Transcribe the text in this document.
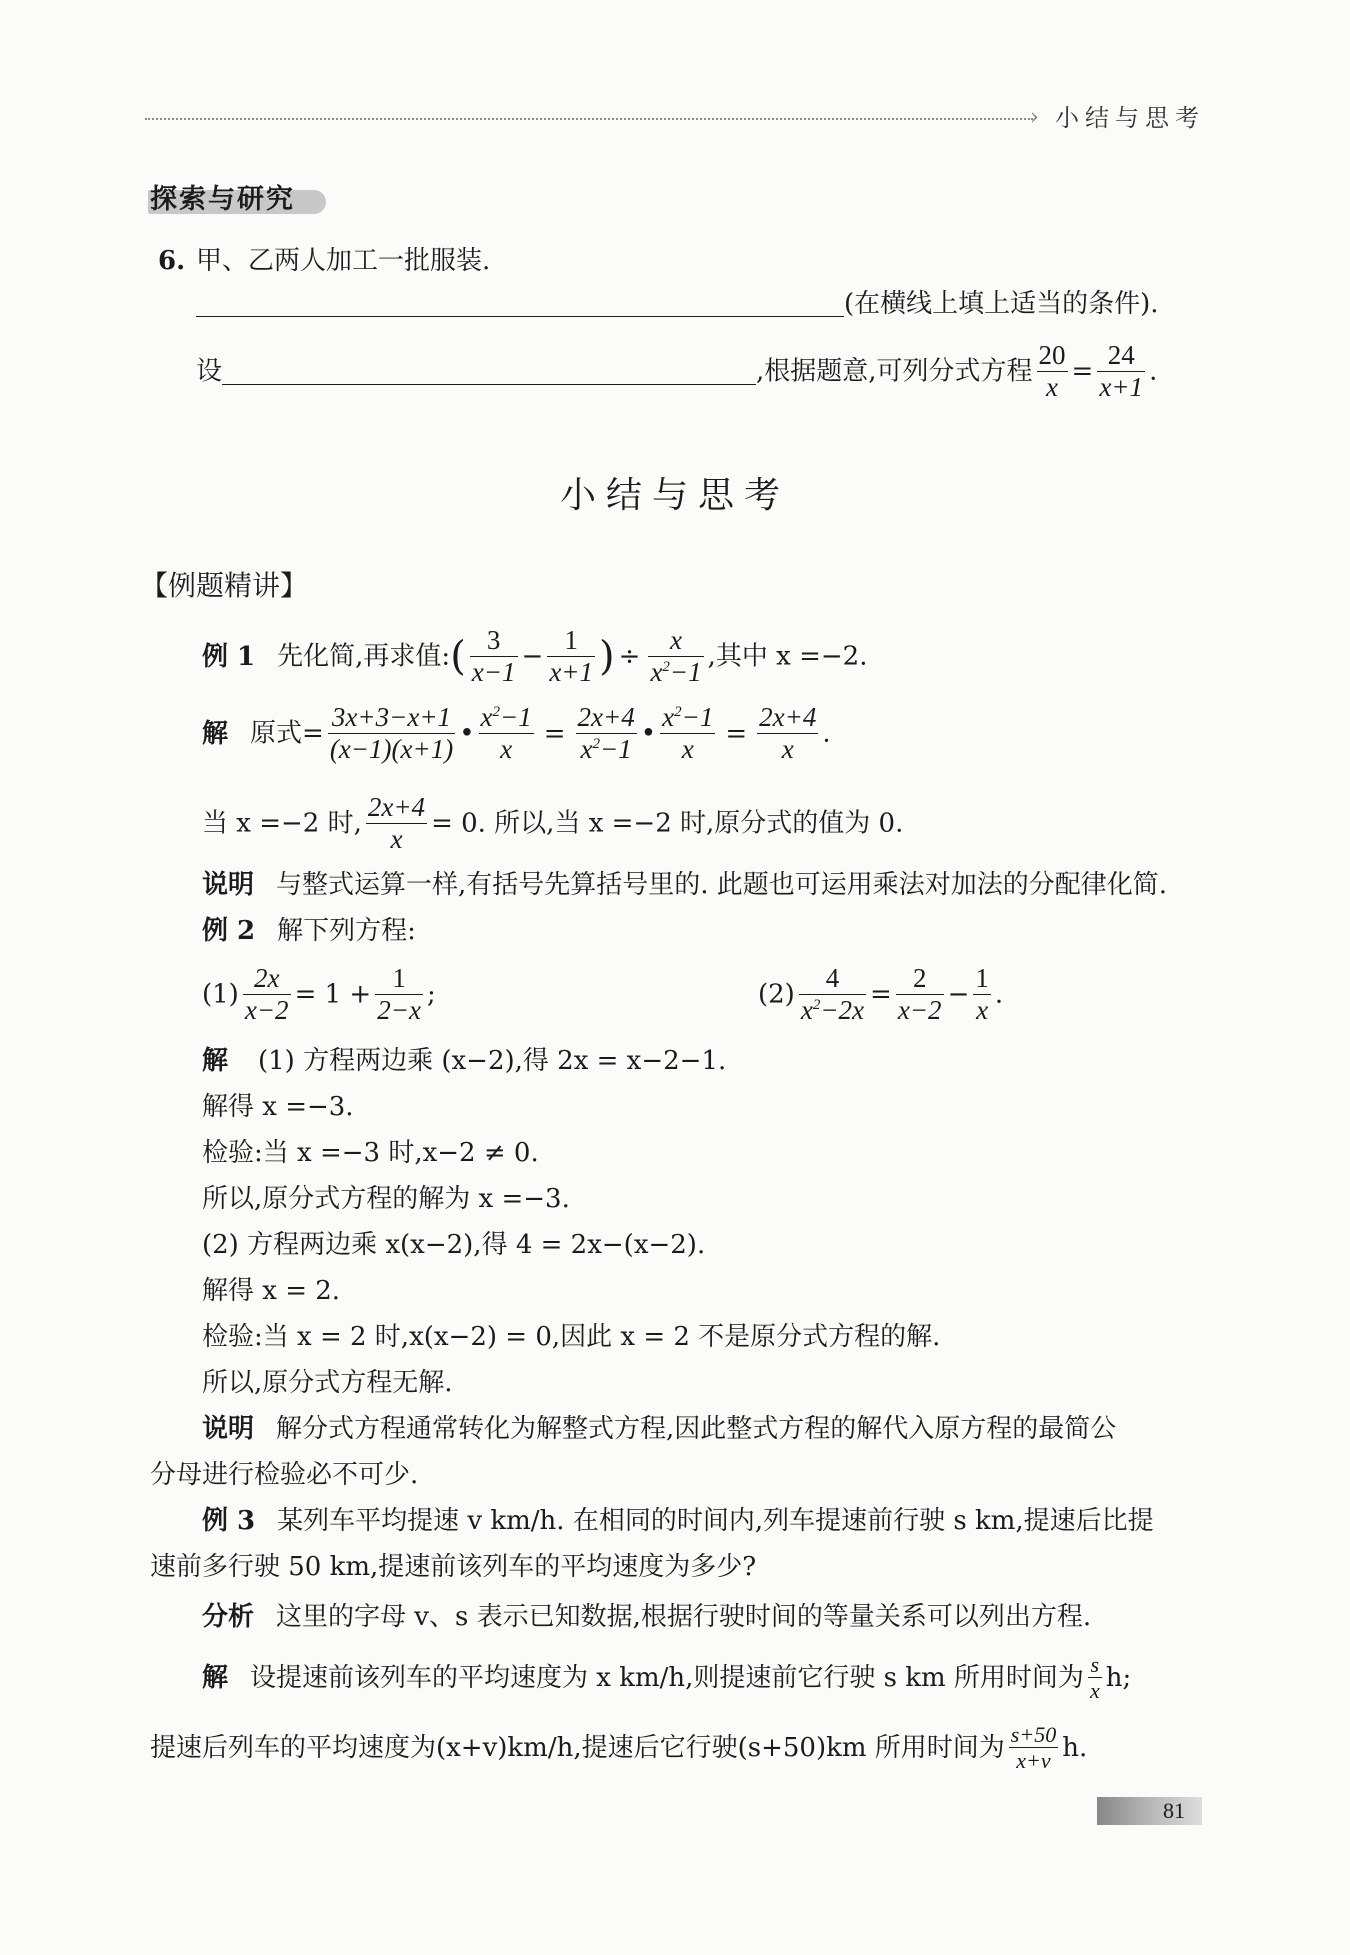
› 小结与思考
探索与研究
6. 甲、乙两人加工一批服装.
(在横线上填上适当的条件).
设	,根据题意,可列分式方程 $\frac{20}{x} = \frac{24}{x+1}$ .
小结与思考
【例题精讲】
例 1 先化简,再求值:( $\frac{3}{x-1} - \frac{1}{x+1}$ ) ÷ $\frac{x}{x^2-1}$ ,其中 x =−2.
解 原式= $\frac{3x+3-x+1}{(x-1)(x+1)}$ • $\frac{x^2-1}{x} = \frac{2x+4}{x^2-1}$ • $\frac{x^2-1}{x} = \frac{2x+4}{x}$ .
当 x =−2 时, $\frac{2x+4}{x} = 0$. 所以,当 x =−2 时,原分式的值为 0.
说明 与整式运算一样,有括号先算括号里的. 此题也可运用乘法对加法的分配律化简.
例 2 解下列方程:
$(1) \frac{2x}{x-2} = 1 + \frac{1}{2-x}$ ;	$(2) \frac{4}{x^2-2x} = \frac{2}{x-2} - \frac{1}{x}$ .
解 (1) 方程两边乘 (x−2),得 2x = x−2−1.
解得 x =−3.
检验:当 x =−3 时,x−2 ≠ 0.
所以,原分式方程的解为 x =−3.
(2) 方程两边乘 x(x−2),得 4 = 2x−(x−2).
解得 x = 2.
检验:当 x = 2 时,x(x−2) = 0,因此 x = 2 不是原分式方程的解.
所以,原分式方程无解.
说明 解分式方程通常转化为解整式方程,因此整式方程的解代入原方程的最简公
分母进行检验必不可少.
例 3 某列车平均提速 v km/h. 在相同的时间内,列车提速前行驶 s km,提速后比提
速前多行驶 50 km,提速前该列车的平均速度为多少?
分析 这里的字母 v、s 表示已知数据,根据行驶时间的等量关系可以列出方程.
解 设提速前该列车的平均速度为 x km/h,则提速前它行驶 s km 所用时间为 $\frac{s}{x} h$;
提速后列车的平均速度为(x+v)km/h,提速后它行驶(s+50)km 所用时间为 $\frac{s+50}{x+v} h$.
81
